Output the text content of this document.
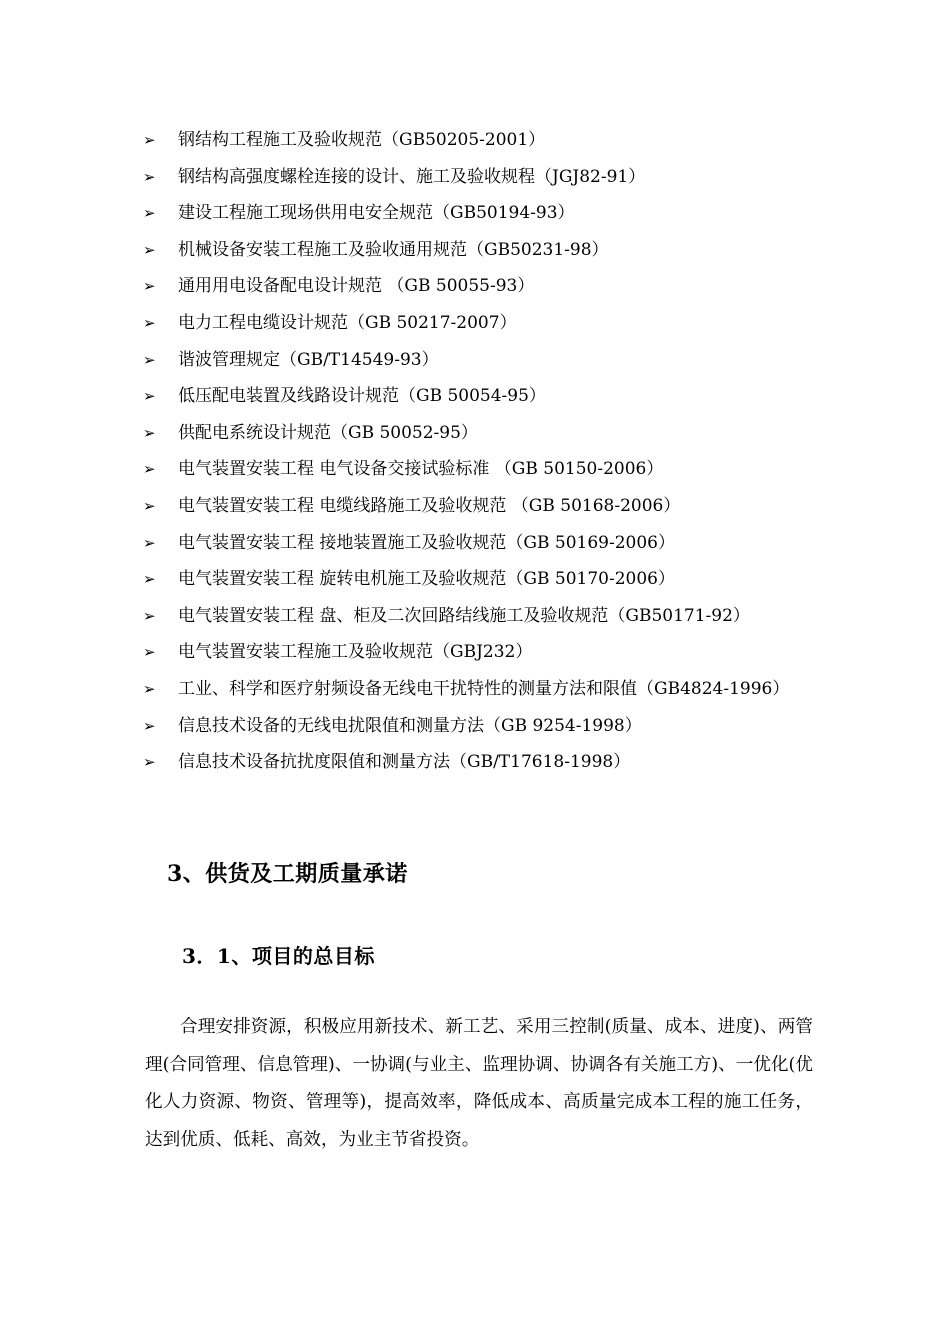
➢	钢结构工程施工及验收规范（GB50205-2001）
➢	钢结构高强度螺栓连接的设计、施工及验收规程（JGJ82-91）
➢	建设工程施工现场供用电安全规范（GB50194-93）
➢	机械设备安装工程施工及验收通用规范（GB50231-98）
➢	通用用电设备配电设计规范 （GB 50055-93）
➢	电力工程电缆设计规范（GB 50217-2007）
➢	谐波管理规定（GB/T14549-93）
➢	低压配电装置及线路设计规范（GB 50054-95）
➢	供配电系统设计规范（GB 50052-95）
➢	电气装置安装工程 电气设备交接试验标准 （GB 50150-2006）
➢	电气装置安装工程 电缆线路施工及验收规范 （GB 50168-2006）
➢	电气装置安装工程 接地装置施工及验收规范（GB 50169-2006）
➢	电气装置安装工程 旋转电机施工及验收规范（GB 50170-2006）
➢	电气装置安装工程 盘、柜及二次回路结线施工及验收规范（GB50171-92）
➢	电气装置安装工程施工及验收规范（GBJ232）
➢	工业、科学和医疗射频设备无线电干扰特性的测量方法和限值（GB4824-1996）
➢	信息技术设备的无线电扰限值和测量方法（GB 9254-1998）
➢	信息技术设备抗扰度限值和测量方法（GB/T17618-1998）
3、供货及工期质量承诺
3．1、项目的总目标

合理安排资源，积极应用新技术、新工艺、采用三控制(质量、成本、进度)、两管理(合同管理、信息管理)、一协调(与业主、监理协调、协调各有关施工方)、一优化(优化人力资源、物资、管理等)，提高效率，降低成本、高质量完成本工程的施工任务，达到优质、低耗、高效，为业主节省投资。
